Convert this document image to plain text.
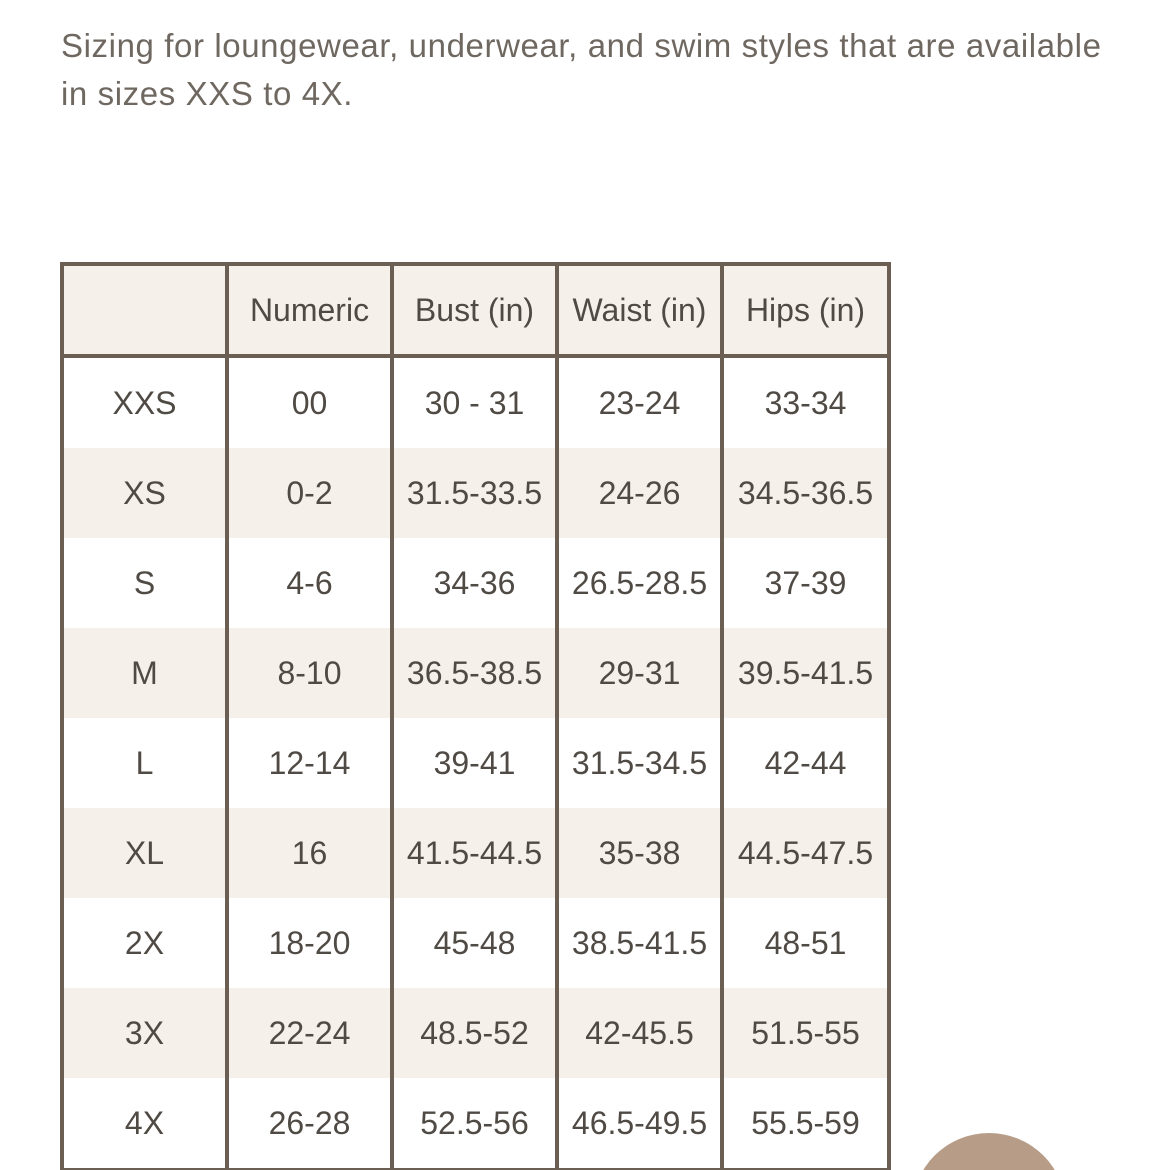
Sizing for loungewear, underwear, and swim styles that are available in sizes XXS to 4X.

	Numeric	Bust (in)	Waist (in)	Hips (in)
XXS	00	30 - 31	23-24	33-34
XS	0-2	31.5-33.5	24-26	34.5-36.5
S	4-6	34-36	26.5-28.5	37-39
M	8-10	36.5-38.5	29-31	39.5-41.5
L	12-14	39-41	31.5-34.5	42-44
XL	16	41.5-44.5	35-38	44.5-47.5
2X	18-20	45-48	38.5-41.5	48-51
3X	22-24	48.5-52	42-45.5	51.5-55
4X	26-28	52.5-56	46.5-49.5	55.5-59
